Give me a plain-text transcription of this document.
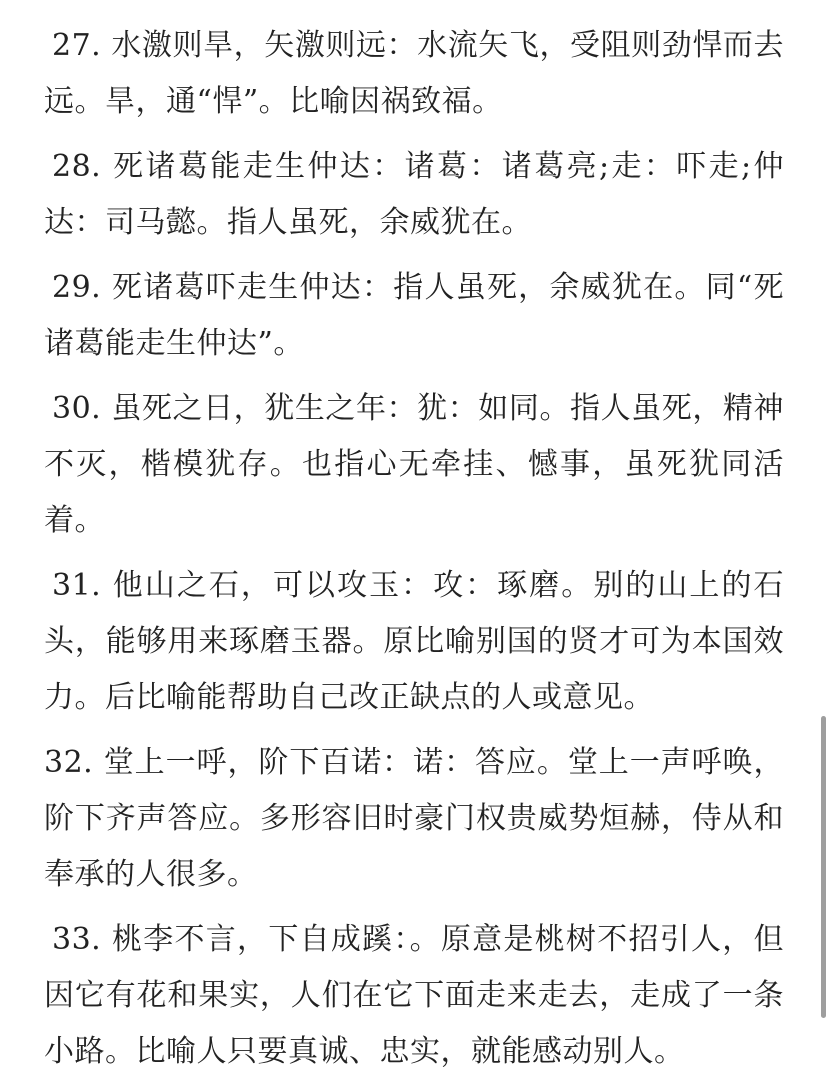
27. 水激则旱，矢激则远：水流矢飞，受阻则劲悍而去远。旱，通“悍”。比喻因祸致福。

28. 死诸葛能走生仲达：诸葛：诸葛亮;走：吓走;仲达：司马懿。指人虽死，余威犹在。

29. 死诸葛吓走生仲达：指人虽死，余威犹在。同“死诸葛能走生仲达”。

30. 虽死之日，犹生之年：犹：如同。指人虽死，精神不灭，楷模犹存。也指心无牵挂、憾事，虽死犹同活着。

31. 他山之石，可以攻玉：攻：琢磨。别的山上的石头，能够用来琢磨玉器。原比喻别国的贤才可为本国效力。后比喻能帮助自己改正缺点的人或意见。

32. 堂上一呼，阶下百诺：诺：答应。堂上一声呼唤，阶下齐声答应。多形容旧时豪门权贵威势烜赫，侍从和奉承的人很多。

33. 桃李不言，下自成蹊：。原意是桃树不招引人，但因它有花和果实，人们在它下面走来走去，走成了一条小路。比喻人只要真诚、忠实，就能感动别人。
